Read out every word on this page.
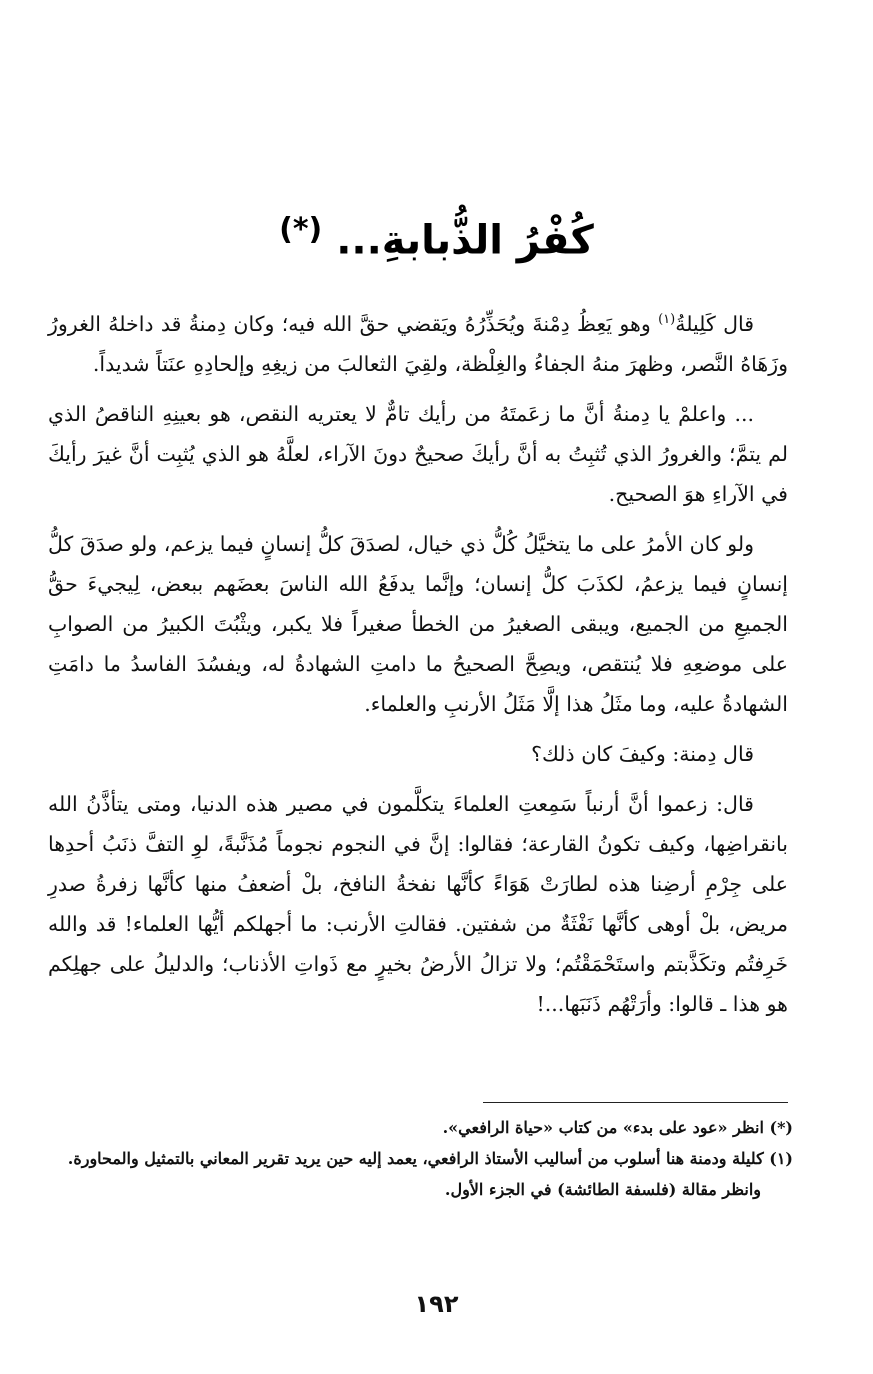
كُفْرُ الذُّبابةِ... (*)

قال كَلِيلةُ$^{(١)}$ وهو يَعِظُ دِمْنةَ ويُحَذِّرُهُ ويَقضي حقَّ الله فيه؛ وكان دِمنةُ قد داخلهُ الغرورُ وزَهَاهُ النَّصر، وظهرَ منهُ الجفاءُ والغِلْظة، ولقِيَ الثعالبَ من زيغِهِ وإلحادِهِ عنَتاً شديداً.

... واعلمْ يا دِمنةُ أنَّ ما زعَمتَهُ من رأيك تامٌّ لا يعتريه النقص، هو بعينِهِ الناقصُ الذي لم يتمَّ؛ والغرورُ الذي تُثبِتُ به أنَّ رأيكَ صحيحٌ دونَ الآراء، لعلَّهُ هو الذي يُثبِت أنَّ غيرَ رأيكَ في الآراءِ هوَ الصحيح.

ولو كان الأمرُ على ما يتخيَّلُ كُلُّ ذي خيال، لصدَقَ كلُّ إنسانٍ فيما يزعم، ولو صدَقَ كلُّ إنسانٍ فيما يزعمُ، لكذَبَ كلُّ إنسان؛ وإنَّما يدفَعُ الله الناسَ بعضَهم ببعض، لِيجيءَ حقُّ الجميعِ من الجميع، ويبقى الصغيرُ من الخطأ صغيراً فلا يكبر، ويثْبُتَ الكبيرُ من الصوابِ على موضعِهِ فلا يُنتقص، ويصِحَّ الصحيحُ ما دامتِ الشهادةُ له، ويفسُدَ الفاسدُ ما دامَتِ الشهادةُ عليه، وما مثَلُ هذا إلَّا مَثَلُ الأرنبِ والعلماء.

قال دِمنة: وكيفَ كان ذلك؟

قال: زعموا أنَّ أرنباً سَمِعتِ العلماءَ يتكلَّمون في مصير هذه الدنيا، ومتى يتأذَّنُ الله بانقراضِها، وكيف تكونُ القارعة؛ فقالوا: إنَّ في النجوم نجوماً مُذَنَّبةً، لوِ التفَّ ذنَبُ أحدِها على جِرْمِ أرضِنا هذه لطارَتْ هَوَاءً كأنَّها نفخةُ النافخ، بلْ أضعفُ منها كأنَّها زفرةُ صدرِ مريض، بلْ أوهى كأنَّها نَفْثَةٌ من شفتين. فقالتِ الأرنب: ما أجهلكم أيُّها العلماء! قد والله خَرِفتُم وتكَذَّبتم واستَحْمَقْتُم؛ ولا تزالُ الأرضُ بخيرٍ مع ذَواتِ الأذناب؛ والدليلُ على جهلِكم هو هذا ـ قالوا: وأرَتْهُم ذَنَبَها...!

(*) انظر «عود على بدء» من كتاب «حياة الرافعي».

(١) كليلة ودمنة هنا أسلوب من أساليب الأستاذ الرافعي، يعمد إليه حين يريد تقرير المعاني بالتمثيل والمحاورة.

وانظر مقالة (فلسفة الطائشة) في الجزء الأول.

١٩٢
